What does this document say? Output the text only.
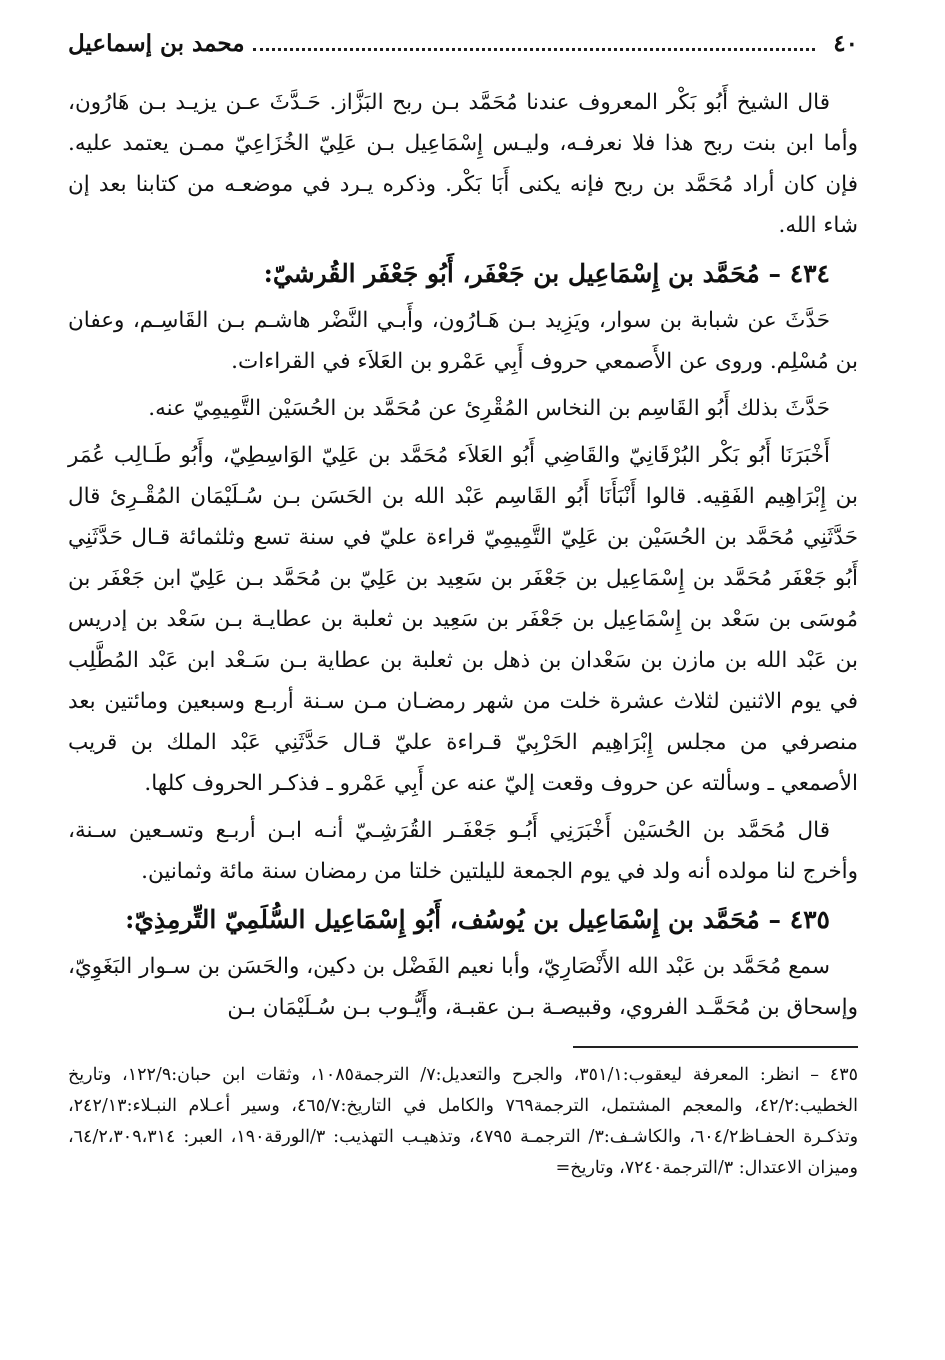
٤٠
محمد بن إسماعيل

قال الشيخ أَبُو بَكْر المعروف عندنا مُحَمَّد بـن ربح البَزَّاز. حَـدَّثَ عـن يزيـد بـن هَارُون، وأما ابن بنت ربح هذا فلا نعرفـه، وليـس إِسْمَاعِيل بـن عَلِيّ الخُزَاعِيّ ممـن يعتمد عليه. فإن كان أراد مُحَمَّد بن ربح فإنه يكنى أَبَا بَكْر. وذكره يـرد في موضعـه من كتابنا بعد إن شاء الله.

٤٣٤ – مُحَمَّد بن إِسْمَاعِيل بن جَعْفَر، أَبُو جَعْفَر القُرشيّ:

حَدَّثَ عن شبابة بن سوار، ويَزِيد بـن هَـارُون، وأَبـي النَّضْر هاشـم بـن القَاسِـم، وعفان بن مُسْلِم. وروى عن الأَصمعي حروف أَبِي عَمْرو بن العَلاَء في القراءات.

حَدَّثَ بذلك أَبُو القَاسِم بن النخاس المُقْرِئ عن مُحَمَّد بن الحُسَيْن التَّمِيمِيّ عنه.

أَخْبَرَنَا أَبُو بَكْر البُرْقَانِيّ والقَاضِي أَبُو العَلاَء مُحَمَّد بن عَلِيّ الوَاسِطِيّ، وأَبُو طَـالِب عُمَر بن إِبْرَاهِيم الفَقِيه. قالوا أَنْبَأَنَا أَبُو القَاسِم عَبْد الله بن الحَسَن بـن سُـلَيْمَان المُقْـرِئ قال حَدَّثَنِي مُحَمَّد بن الحُسَيْن بن عَلِيّ التَّمِيمِيّ قراءة عليّ في سنة تسع وثلثمائة قـال حَدَّثَنِي أَبُو جَعْفَر مُحَمَّد بن إِسْمَاعِيل بن جَعْفَر بن سَعِيد بن عَلِيّ بن مُحَمَّد بـن عَلِيّ ابن جَعْفَر بن مُوسَى بن سَعْد بن إِسْمَاعِيل بن جَعْفَر بن سَعِيد بن ثعلبة بن عطايـة بـن سَعْد بن إدريس بن عَبْد الله بن مازن بن سَعْدان بن ذهل بن ثعلبة بن عطاية بـن سَـعْد ابن عَبْد المُطَّلِب في يوم الاثنين لثلاث عشرة خلت من شهر رمضـان مـن سـنة أربـع وسبعين ومائتين بعد منصرفي من مجلس إِبْرَاهِيم الحَرْبِيّ قـراءة عليّ قـال حَدَّثَنِي عَبْد الملك بن قريب الأصمعي ـ وسألته عن حروف وقعت إليّ عنه عن أَبِي عَمْرو ـ فذكـر الحروف كلها.

قال مُحَمَّد بن الحُسَيْن أَخْبَرَنِي أَبُـو جَعْفَـر القُرَشِـيّ أنـه ابـن أربـع وتسـعين سـنة، وأخرج لنا مولده أنه ولد في يوم الجمعة لليلتين خلتا من رمضان سنة مائة وثمانين.

٤٣٥ – مُحَمَّد بن إِسْمَاعِيل بن يُوسُف، أَبُو إِسْمَاعِيل السُّلَمِيّ التِّرمِذِيّ:

سمع مُحَمَّد بن عَبْد الله الأَنْصَارِيّ، وأبا نعيم الفَضْل بن دكين، والحَسَن بن سـوار البَغَوِيّ، وإسحاق بن مُحَمَّـد الفروي، وقبيصـة بـن عقبـة، وأَيُّـوب بـن سُـلَيْمَان بـن

٤٣٥ – انظر: المعرفة ليعقوب:٣٥١/١، والجرح والتعديل:٧/ الترجمة١٠٨٥، وثقات ابن حبان:١٢٢/٩، وتاريخ الخطيب:٤٢/٢، والمعجم المشتمل، الترجمة٧٦٩ والكامل في التاريخ:٤٦٥/٧، وسير أعـلام النبـلاء:٢٤٢/١٣، وتذكـرة الحفـاظ٦٠٤/٢، والكاشـف:٣/ الترجمـة ٤٧٩٥، وتذهيـب التهذيب: ٣/الورقة١٩٠، العبر: ٦٤/٢،٣٠٩،٣١٤، وميزان الاعتدال: ٣/الترجمة٧٢٤٠، وتاريخ=
